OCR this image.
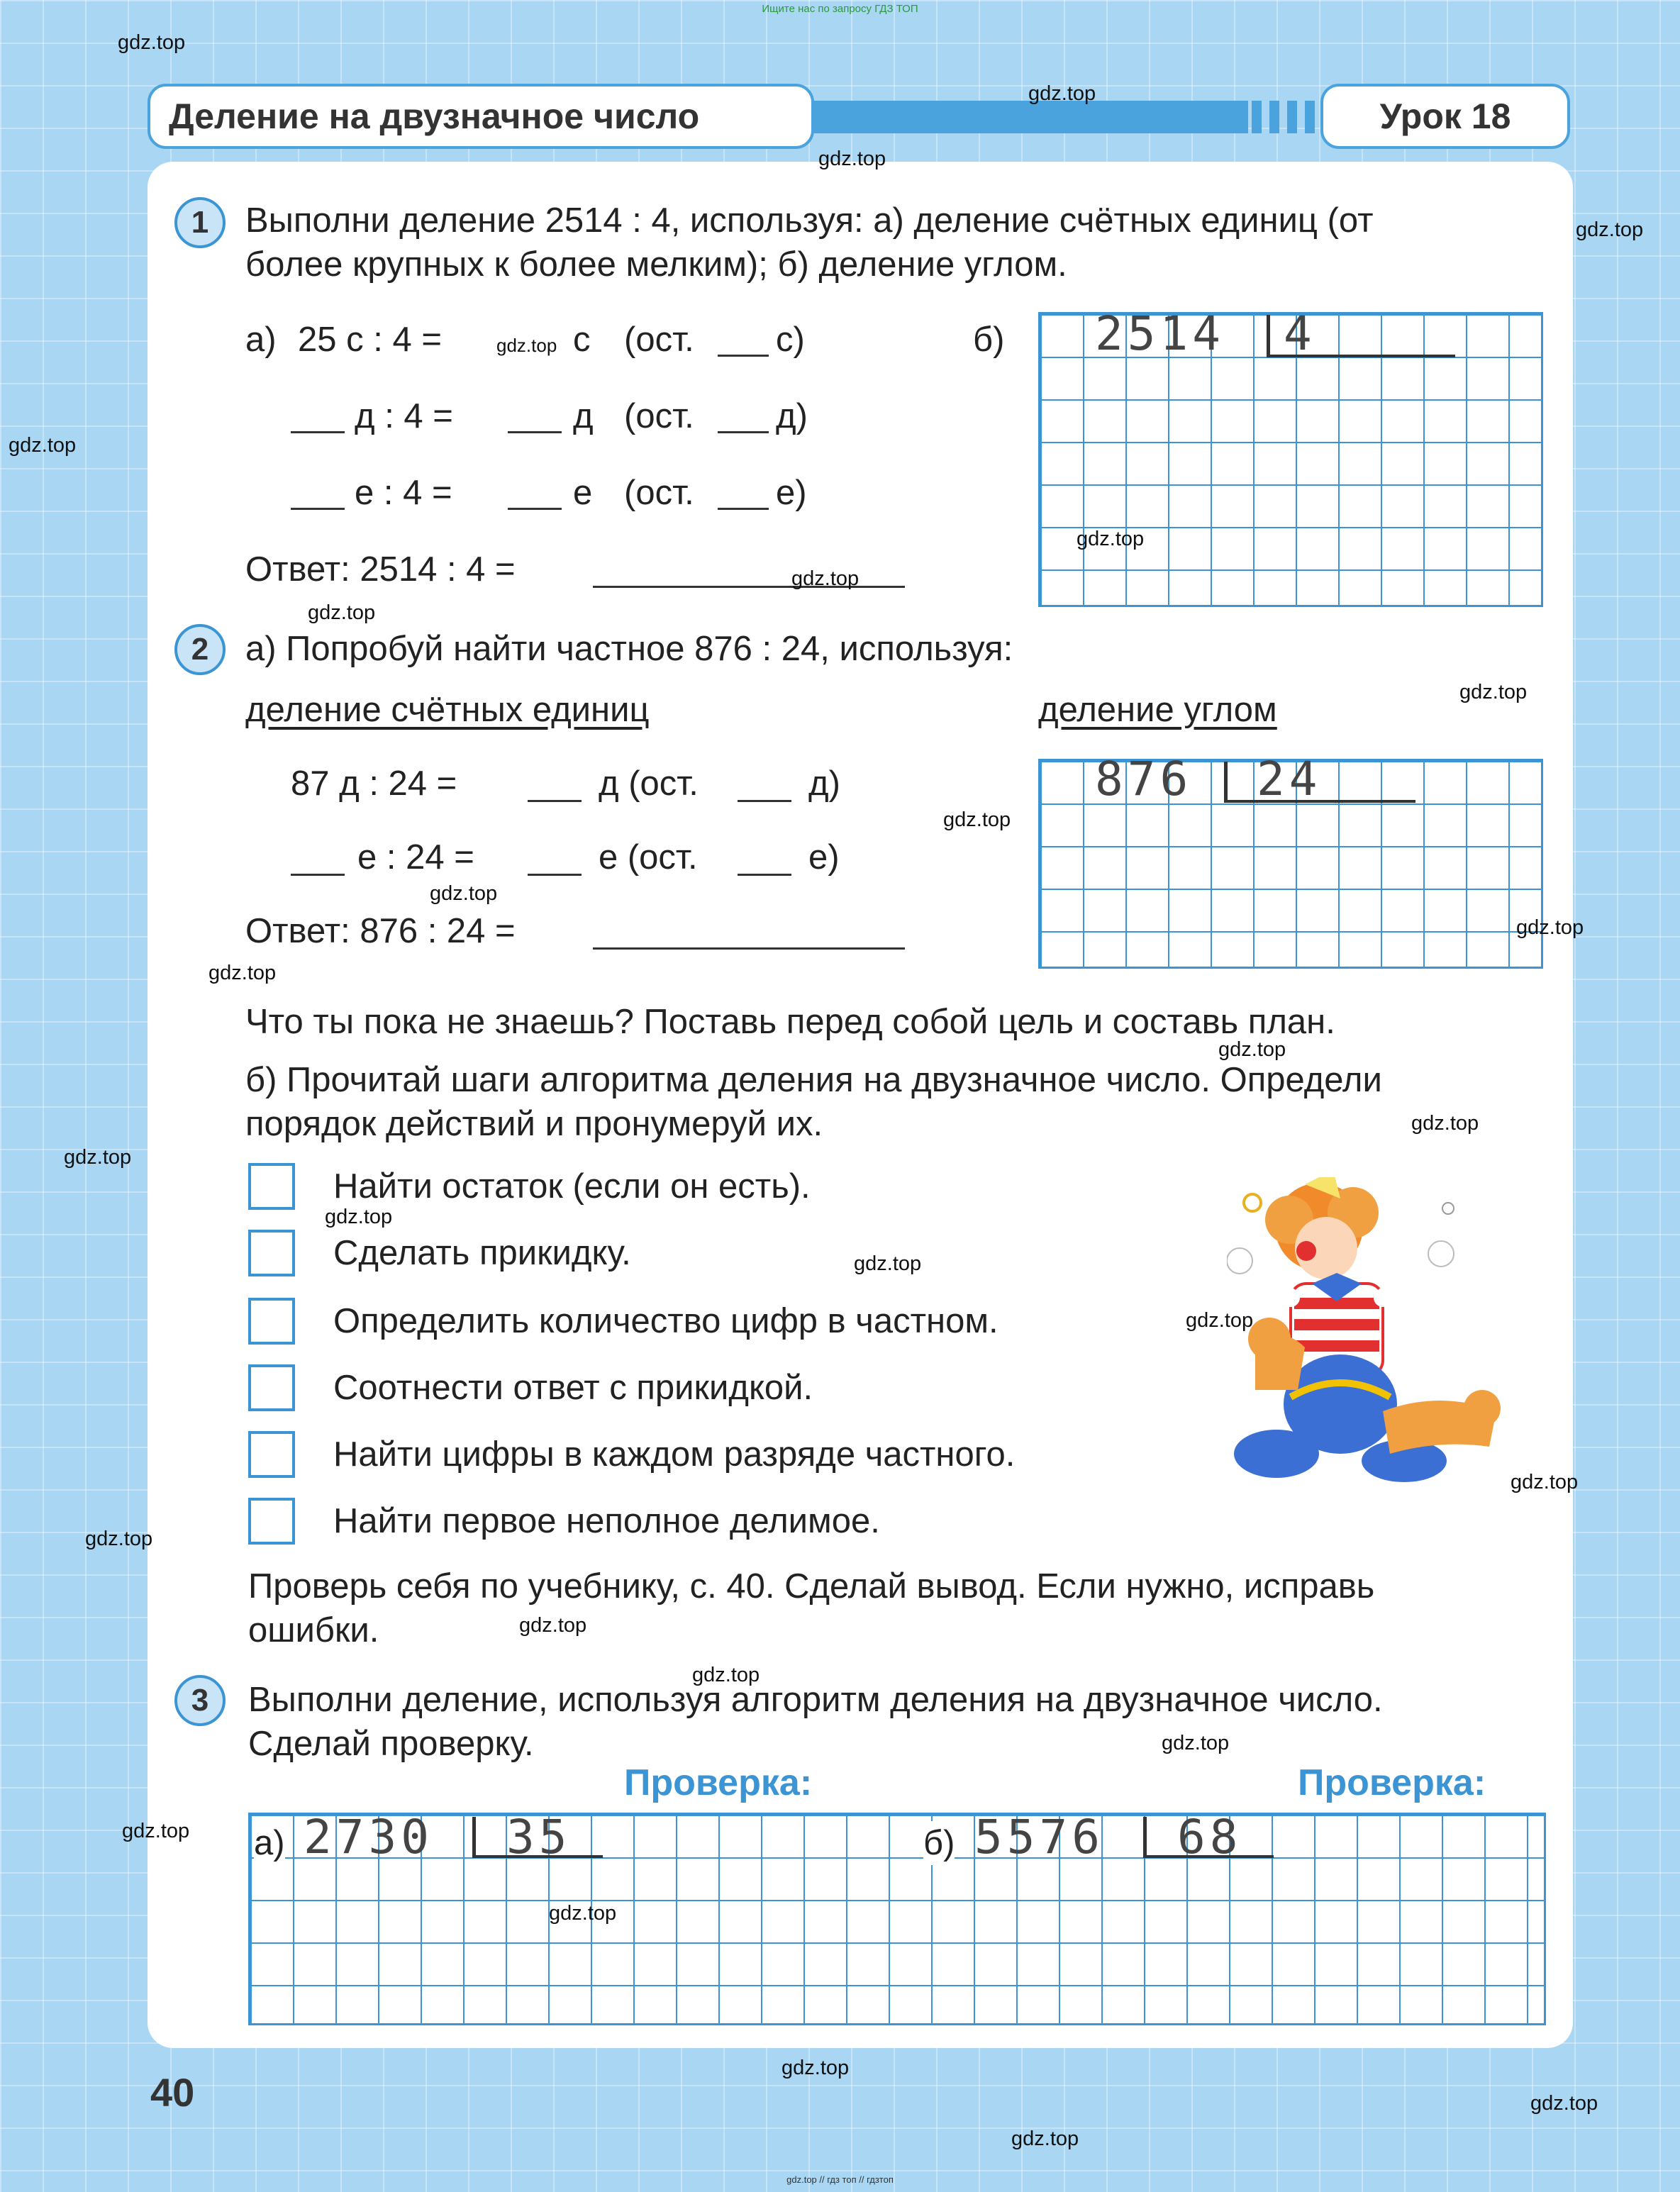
Ищите нас по запросу ГДЗ ТОП
gdz.top // гдз топ // гдзтоп
Деление на двузначное число	Урок 18
1	Выполни деление 2514 : 4, используя: а) деление счётных единиц (от
более крупных к более мелким); б) деление углом.
а) 25 с : 4 =	с (ост. с)
д : 4 =	д (ост. д)
е : 4 =	е (ост. е)
Ответ: 2514 : 4 =
б) 2514 4
2	а) Попробуй найти частное 876 : 24, используя:
деление счётных единиц	деление углом
87 д : 24 =	д (ост.	д)
е : 24 =	е (ост.	е)
Ответ: 876 : 24 =
876 24
Что ты пока не знаешь? Поставь перед собой цель и составь план.
б) Прочитай шаги алгоритма деления на двузначное число. Определи
порядок действий и пронумеруй их.
Найти остаток (если он есть).
Сделать прикидку.
Определить количество цифр в частном.
Соотнести ответ с прикидкой.
Найти цифры в каждом разряде частного.
Найти первое неполное делимое.
Проверь себя по учебнику, с. 40. Сделай вывод. Если нужно, исправь
ошибки.
3	Выполни деление, используя алгоритм деления на двузначное число.
Сделай проверку.
Проверка:	Проверка:
а) 2730 35	б) 5576 68
40
gdz.top
gdz.top
gdz.top
gdz.top
gdz.top
gdz.top
gdz.top
gdz.top
gdz.top
gdz.top
gdz.top
gdz.top
gdz.top
gdz.top
gdz.top
gdz.top
gdz.top
gdz.top
gdz.top
gdz.top
gdz.top
gdz.top
gdz.top
gdz.top
gdz.top
gdz.top
gdz.top
gdz.top
gdz.top
gdz.top
